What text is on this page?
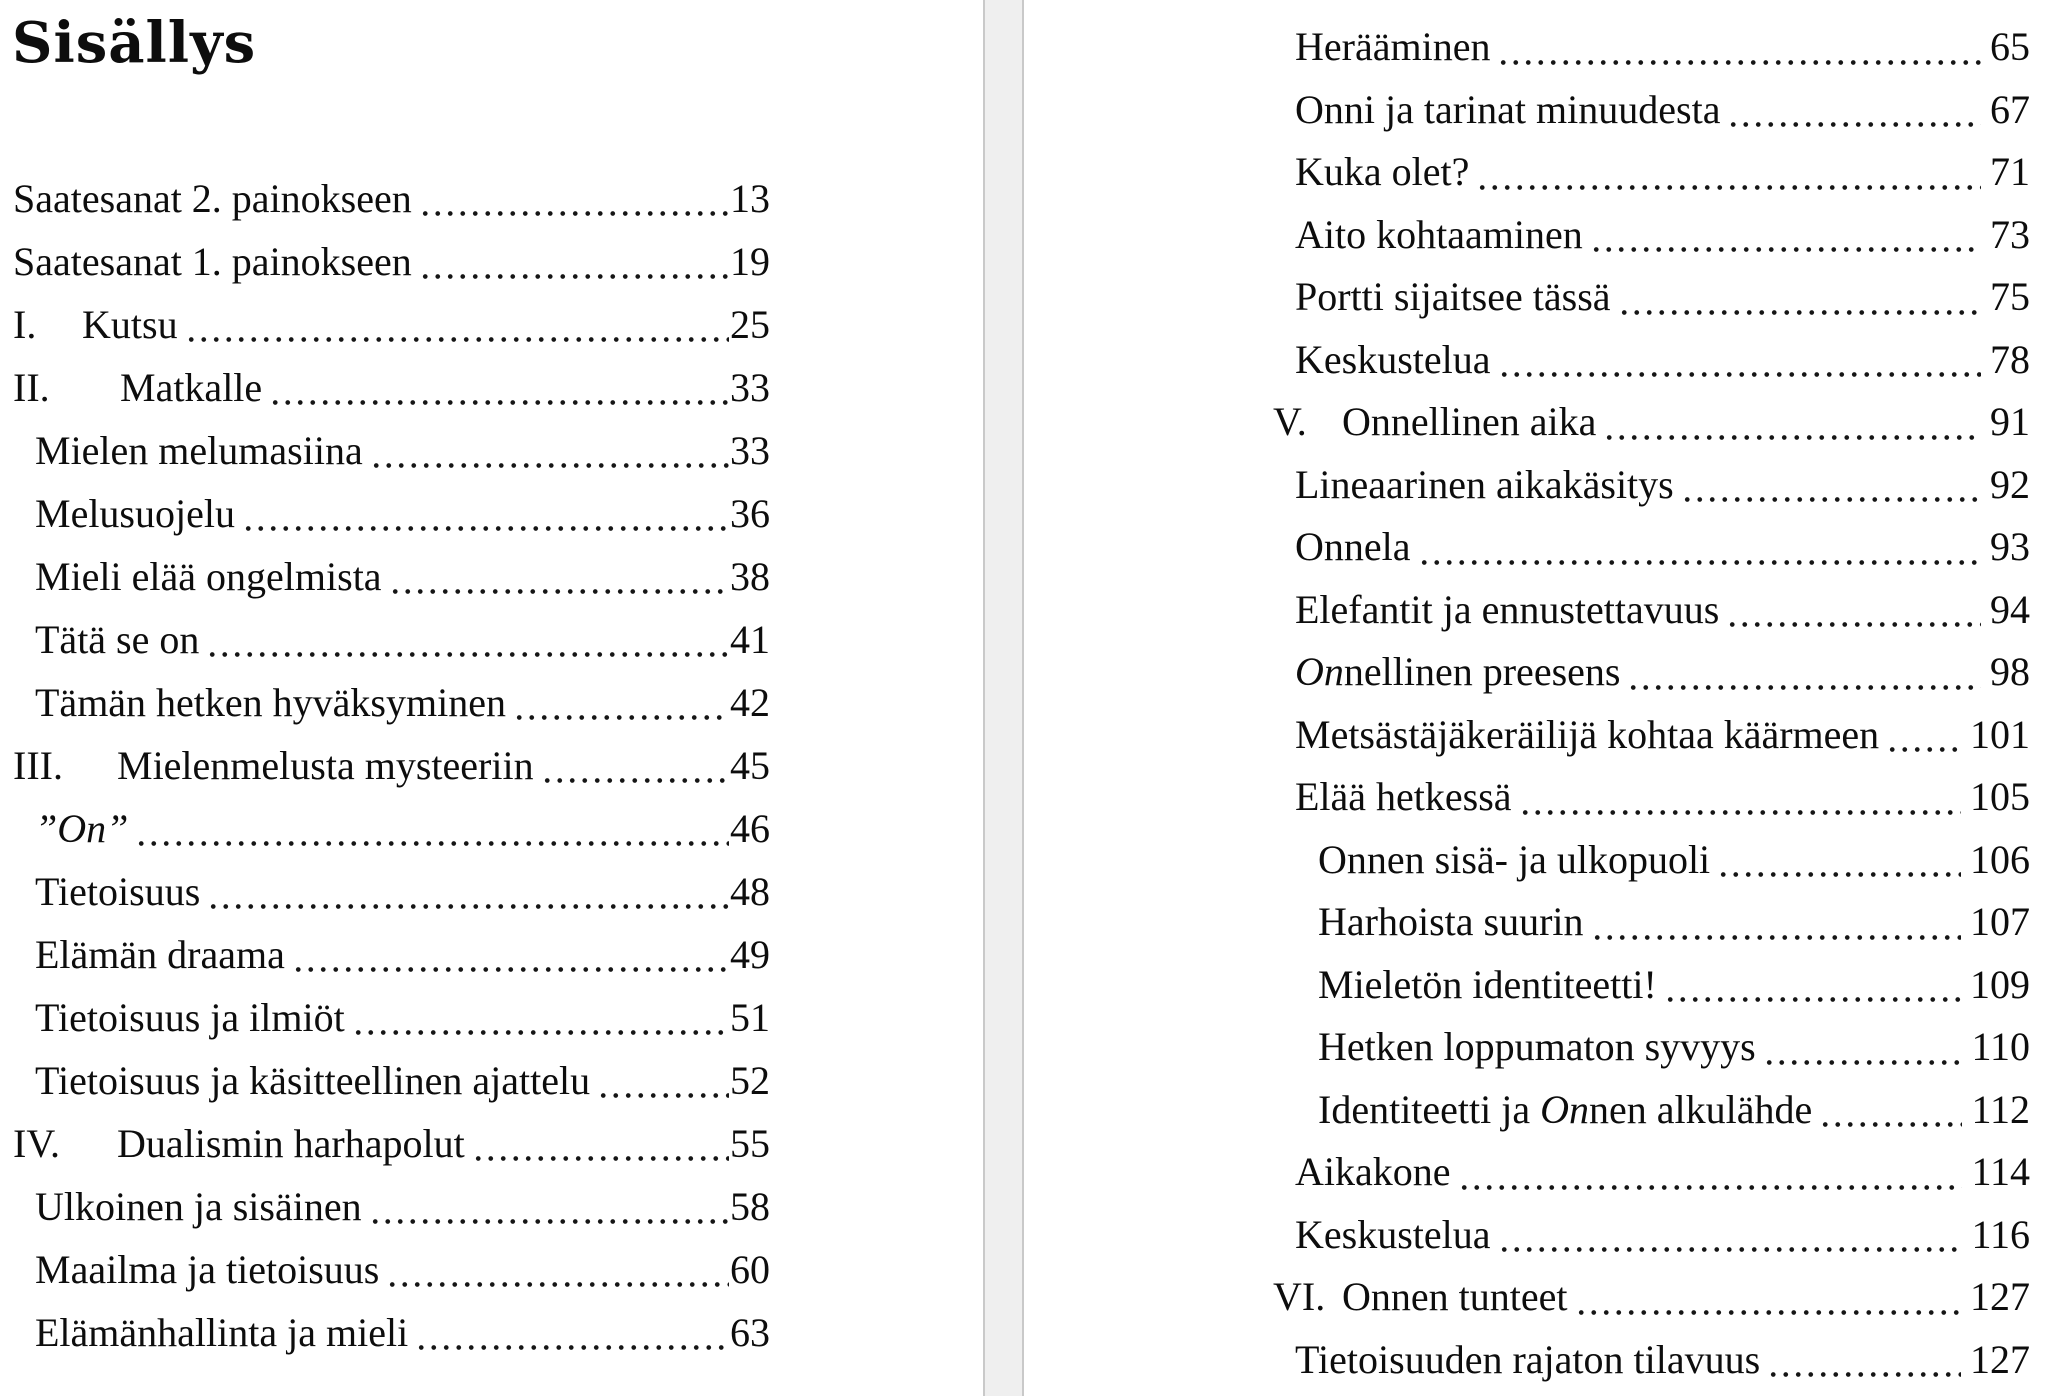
Sisällys
Saatesanat 2. painokseen	13
Saatesanat 1. painokseen	19
I. Kutsu	25
II. Matkalle	33
Mielen melumasiina	33
Melusuojelu	36
Mieli elää ongelmista	38
Tätä se on	41
Tämän hetken hyväksyminen	42
III. Mielenmelusta mysteeriin	45
”On”	46
Tietoisuus	48
Elämän draama	49
Tietoisuus ja ilmiöt	51
Tietoisuus ja käsitteellinen ajattelu	52
IV. Dualismin harhapolut	55
Ulkoinen ja sisäinen	58
Maailma ja tietoisuus	60
Elämänhallinta ja mieli	63
Herääminen	65
Onni ja tarinat minuudesta	67
Kuka olet?	71
Aito kohtaaminen	73
Portti sijaitsee tässä	75
Keskustelua	78
V. Onnellinen aika	91
Lineaarinen aikakäsitys	92
Onnela	93
Elefantit ja ennustettavuus	94
Onnellinen preesens	98
Metsästäjäkeräilijä kohtaa käärmeen 101
Elää hetkessä	105
Onnen sisä- ja ulkopuoli	106
Harhoista suurin	107
Mieletön identiteetti!	109
Hetken loppumaton syvyys	110
Identiteetti ja Onnen alkulähde	112
Aikakone	114
Keskustelua	116
VI. Onnen tunteet	127
Tietoisuuden rajaton tilavuus	127
